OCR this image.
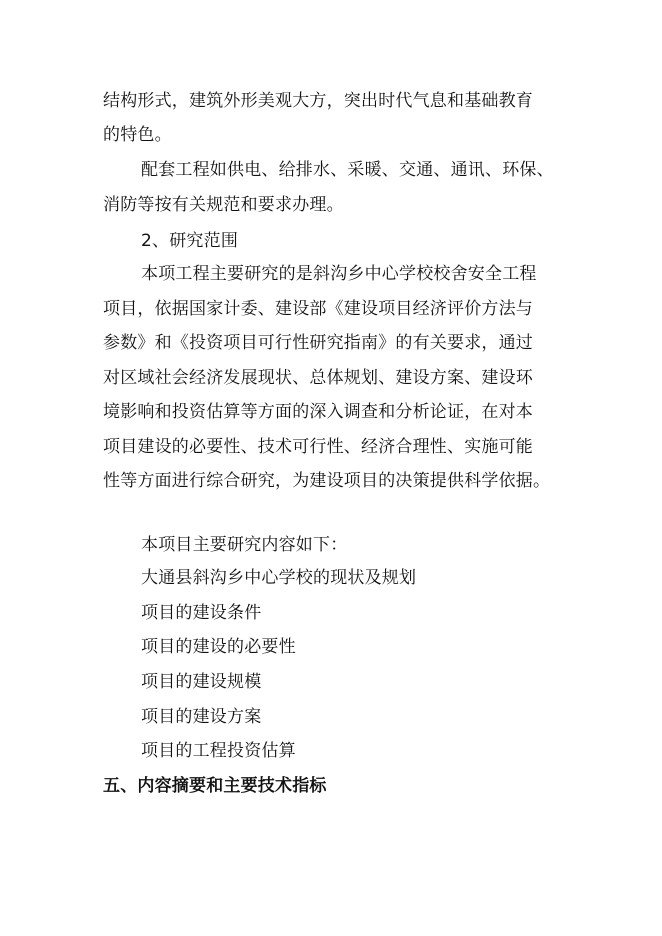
结构形式，建筑外形美观大方，突出时代气息和基础教育
的特色。
配套工程如供电、给排水、采暖、交通、通讯、环保、
消防等按有关规范和要求办理。
2、研究范围
本项工程主要研究的是斜沟乡中心学校校舍安全工程
项目，依据国家计委、建设部《建设项目经济评价方法与
参数》和《投资项目可行性研究指南》的有关要求，通过
对区域社会经济发展现状、总体规划、建设方案、建设环
境影响和投资估算等方面的深入调查和分析论证，在对本
项目建设的必要性、技术可行性、经济合理性、实施可能
性等方面进行综合研究，为建设项目的决策提供科学依据。
本项目主要研究内容如下：
大通县斜沟乡中心学校的现状及规划
项目的建设条件
项目的建设的必要性
项目的建设规模
项目的建设方案
项目的工程投资估算
五、内容摘要和主要技术指标
